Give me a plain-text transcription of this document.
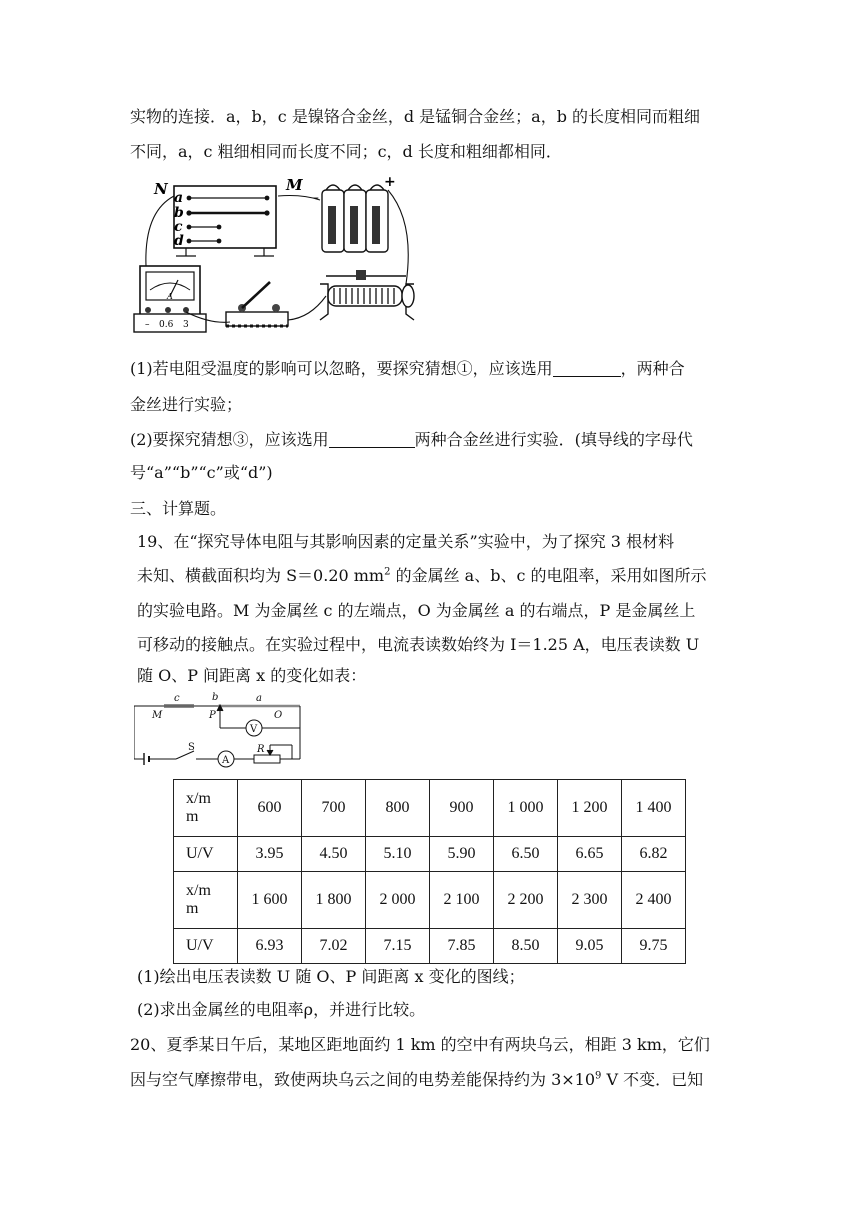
实物的连接．a，b，c 是镍铬合金丝，d 是锰铜合金丝；a，b 的长度相同而粗细
不同，a，c 粗细相同而长度不同；c，d 长度和粗细都相同．
a
b
c
d
N	M
–
+
A
– 0.6 3
(1)若电阻受温度的影响可以忽略，要探究猜想①，应该选用	，两种合
金丝进行实验；
(2)要探究猜想③，应该选用	两种合金丝进行实验．(填导线的字母代
号“a”“b”“c”或“d”)
三、计算题。
19、在“探究导体电阻与其影响因素的定量关系”实验中，为了探究 3 根材料
未知、横截面积均为 S＝0.20 $mm^2$ 的金属丝 a、b、c 的电阻率，采用如图所示
的实验电路。M 为金属丝 c 的左端点，O 为金属丝 a 的右端点，P 是金属丝上
可移动的接触点。在实验过程中，电流表读数始终为 I＝1.25 A，电压表读数 U
随 O、P 间距离 x 的变化如表：
c	b	a
M	P	O
V
S
A
R
x/m
m	600	700	800	900	1 000	1 200	1 400
U/V	3.95	4.50	5.10	5.90	6.50	6.65	6.82
x/m
m	1 600	1 800	2 000	2 100	2 200	2 300	2 400
U/V	6.93	7.02	7.15	7.85	8.50	9.05	9.75
(1)绘出电压表读数 U 随 O、P 间距离 x 变化的图线；
(2)求出金属丝的电阻率ρ，并进行比较。
20、夏季某日午后，某地区距地面约 1 km 的空中有两块乌云，相距 3 km，它们
因与空气摩擦带电，致使两块乌云之间的电势差能保持约为 $3\times 10^9$ V 不变．已知
